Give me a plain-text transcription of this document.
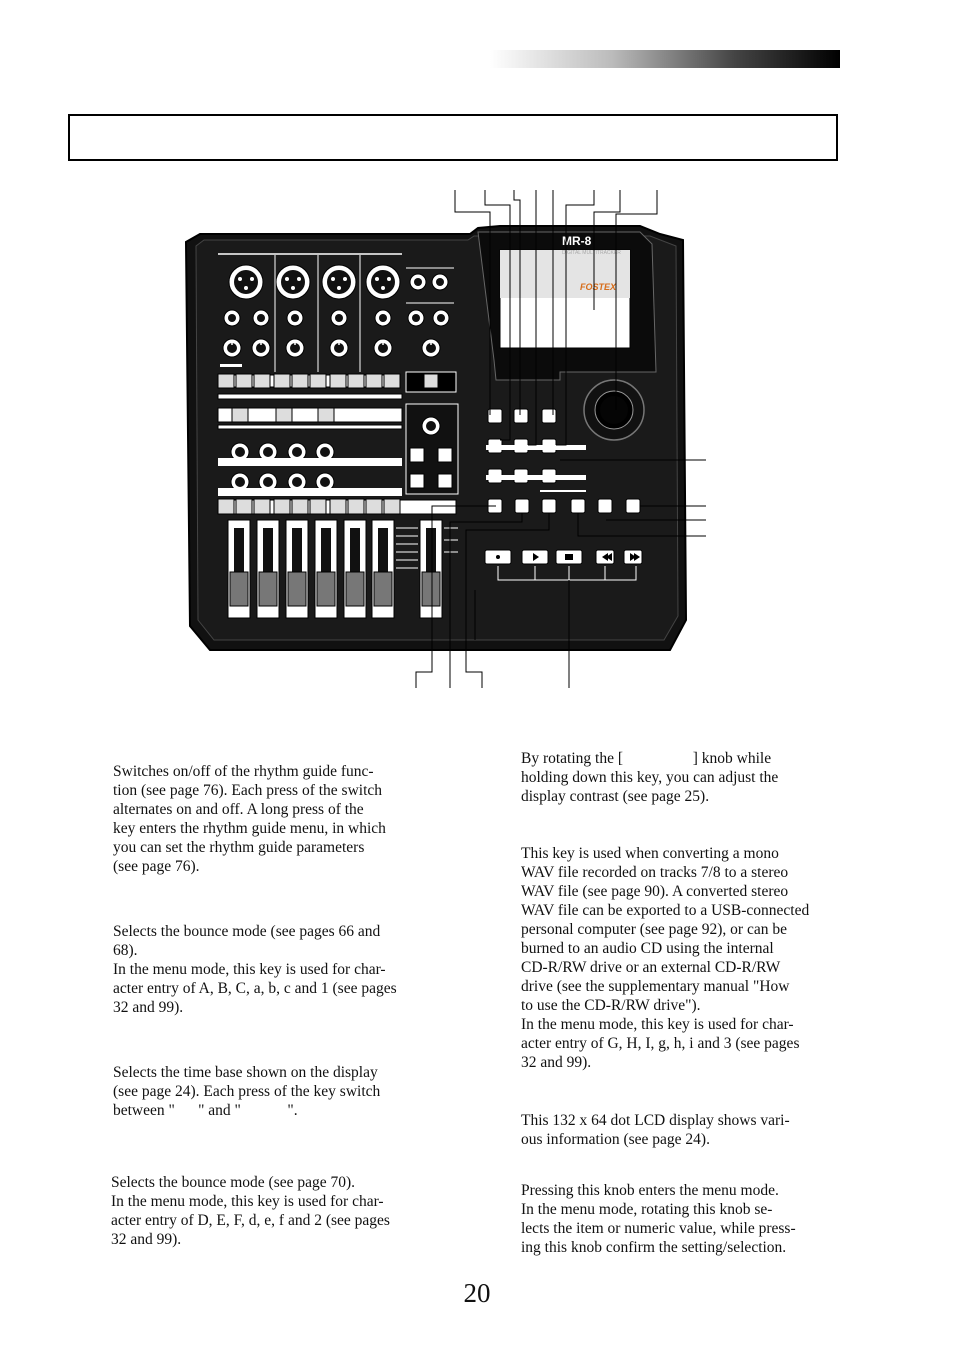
MR-8
DIGITAL MULTITRACKER
FOSTEX

Switches on/off of the rhythm guide func-

tion (see page 76). Each press of the switch

alternates on and off. A long press of the

key enters the rhythm guide menu, in which

you can set the rhythm guide parameters

(see page 76).

Selects the bounce mode (see pages 66 and

68).

In the menu mode, this key is used for char-

acter entry of A, B, C, a, b, c and 1 (see pages

32 and 99).

Selects the time base shown on the display

(see page 24). Each press of the key switch

between "      " and "            ".

Selects the bounce mode (see page 70).

In the menu mode, this key is used for char-

acter entry of D, E, F, d, e, f and 2 (see pages

32 and 99).

By rotating the [                  ] knob while

holding down this key, you can adjust the

display contrast (see page 25).

This key is used when converting a mono

WAV file recorded on tracks 7/8 to a stereo

WAV file (see page 90). A converted stereo

WAV file can be exported to a USB-connected

personal computer (see page 92), or can be

burned to an audio CD using the internal

CD-R/RW drive or an external CD-R/RW

drive (see the supplementary manual "How

to use the CD-R/RW drive").

In the menu mode, this key is used for char-

acter entry of G, H, I, g, h, i and 3 (see pages

32 and 99).

This 132 x 64 dot LCD display shows vari-

ous information (see page 24).

Pressing this knob enters the menu mode.

In the menu mode, rotating this knob se-

lects the item or numeric value, while press-

ing this knob confirm the setting/selection.

20
